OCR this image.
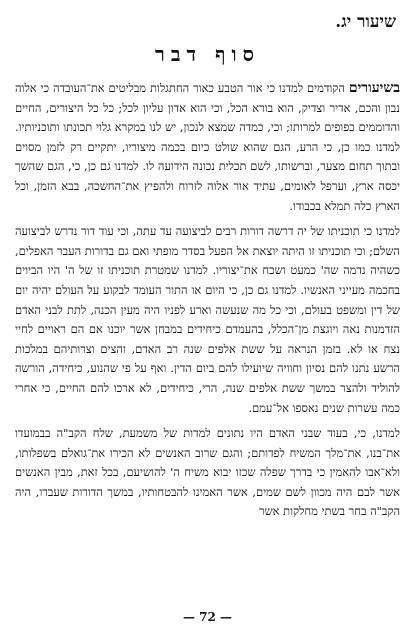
שיעור יג.
סוף דבר

בשיעורים הקודמים למדנו כי אור הטבע כאור החתגלות מבליטים את־העובדה כי אלוה נבון והכם, אדיר וצדיק, הוא בורא הכל, וכי הוא אדון עליון לכל; כל כל היצורים, החיים והדוממים כפופים למרותו; וכי, כמדה שמצא לנכון, יש לנו במקרא גלוי תכונתו ותוכניותיו. למדנו כמו כן, כי הרע, הגם שהוא שולט כיום בכמה מיצוריו, יתקיים רק לזמן מסוים ובתוך תחום מצער, וברשותו, לשם תכלית נכונה הידועה לו. למדנו גם כן, כי, הגם שהשך יכסה ארץ, וערפל לאומים, עתיד אור אלוה לזרוח ולהפיץ את־החשכה, בבא הזמן, וכל הארץ כלה תמלא בכבודו.

למדנו כי תוכניתו של יה דרשה דורות רבים לביצועה עד עתה, וכי עוד דור נדרש לביצועה השלם; וכי תוכניתו זו היתה יוצאת אל הפעל בסדר מופתי ואם גם בדורות העבר האפלים, כשהיה נדמה שה' כמעט ושכח את־יצוריו. למדנו שמטרת תוכניתו זו של ה' היו הביוים בחכמה מעייני האנשיו. למדנו גם כן, כי היום או התור העומד לבקוע על העולם יהיה יום של דין ומשפט בעולם, וכי כל מה שנעשה וארע לפניו היה מעין הכנה, לתת לבני האדם הזדמנות נאה ויוגצת מן־הכלל, בהעמדם כיחידים במבחן אשר יוכנו אם הם ראויים לחיי נצח או לא. בזמן הנראה על ששת אלפים שנה רב האדם, והצים וצרותיהם במלכות הרשע נתנו להם נסיון וחוויה שיועילו להם ביום הדין. ואף על פי שהנוע, כיחידה, הורשה להוליד ולהצר במשך ששת אלפים שנה, הרי, כיחידים, לא ארכו להם החיים, כי אחרי כמה עשרות שנים נאספו אל־עמם.

למדנו, כי, בעוד שבני האדם היו נתונים למדות של משמעת, שלח הקב"ה בבמועדו את־בנו, את־מלך המשיח לפדותם; והגם שרוב האנשים לא הכירו את־גואלם בשפלותו, ולא־אבו להאמין כי בדרך שפלה שכזו יבוא משיח ה' להושיעם, בכל זאת, מבין האנשים אשר לבם היה מכוון לשם שמים, אשר האמינו להבטחותיו, במשך הדורות שעברו, היה הקב"ה בחר בשתי מחלקות אשר

— 72 —
